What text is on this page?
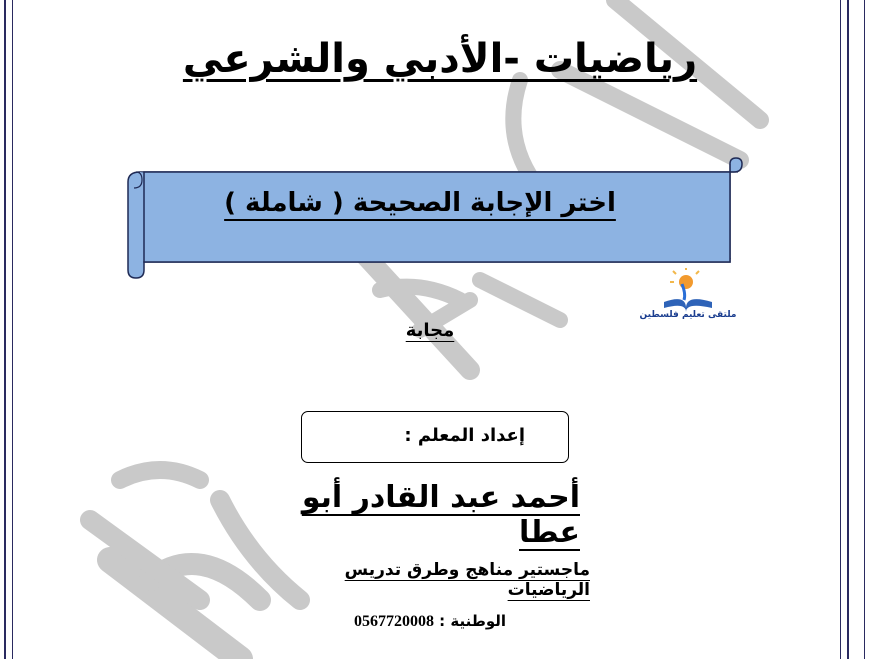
رياضيات -الأدبي والشرعي
اختر الإجابة الصحيحة ( شاملة )
ملتقى تعليم فلسطين
مجابة
إعداد المعلم :
أحمد عبد القادر أبو عطا
ماجستير مناهج وطرق تدريس الرياضيات
0567720008 الوطنية :
